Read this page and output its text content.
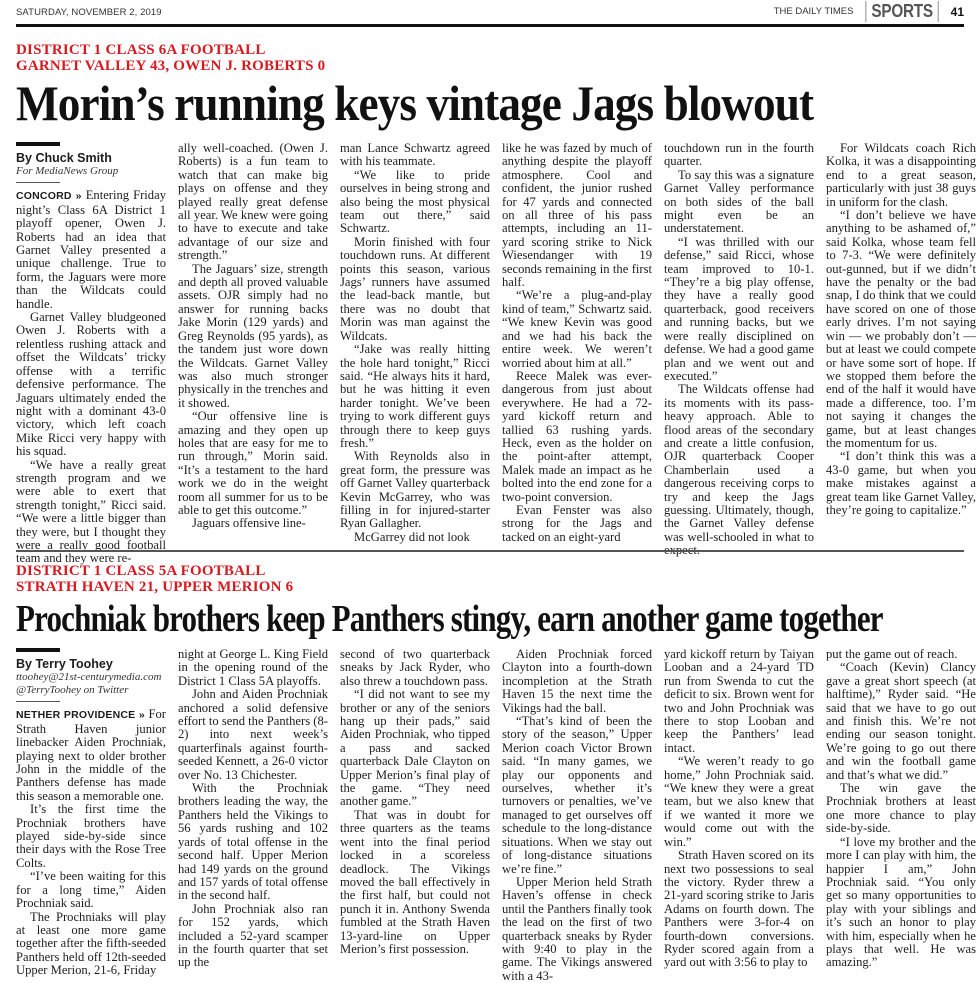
SATURDAY, NOVEMBER 2, 2019	THE DAILY TIMES	SPORTS	41
DISTRICT 1 CLASS 6A FOOTBALL
GARNET VALLEY 43, OWEN J. ROBERTS 0
Morin’s running keys vintage Jags blowout
By Chuck Smith
For MediaNews Group

CONCORD » Entering Friday night’s Class 6A District 1 playoff opener, Owen J. Roberts had an idea that Garnet Valley presented a unique challenge. True to form, the Jaguars were more than the Wildcats could handle.

Garnet Valley bludgeoned Owen J. Roberts with a relentless rushing attack and offset the Wildcats’ tricky offense with a terrific defensive performance. The Jaguars ultimately ended the night with a dominant 43-0 victory, which left coach Mike Ricci very happy with his squad.

“We have a really great strength program and we were able to exert that strength tonight,” Ricci said. “We were a little bigger than they were, but I thought they were a really good football team and they were re-

ally well-coached. (Owen J. Roberts) is a fun team to watch that can make big plays on offense and they played really great defense all year. We knew were going to have to execute and take advantage of our size and strength.”

The Jaguars’ size, strength and depth all proved valuable assets. OJR simply had no answer for running backs Jake Morin (129 yards) and Greg Reynolds (95 yards), as the tandem just wore down the Wildcats. Garnet Valley was also much stronger physically in the trenches and it showed.

“Our offensive line is amazing and they open up holes that are easy for me to run through,” Morin said. “It’s a testament to the hard work we do in the weight room all summer for us to be able to get this outcome.”

Jaguars offensive line-

man Lance Schwartz agreed with his teammate.

“We like to pride ourselves in being strong and also being the most physical team out there,” said Schwartz.

Morin finished with four touchdown runs. At different points this season, various Jags’ runners have assumed the lead-back mantle, but there was no doubt that Morin was man against the Wildcats.

“Jake was really hitting the hole hard tonight,” Ricci said. “He always hits it hard, but he was hitting it even harder tonight. We’ve been trying to work different guys through there to keep guys fresh.”

With Reynolds also in great form, the pressure was off Garnet Valley quarterback Kevin McGarrey, who was filling in for injured-starter Ryan Gallagher.

McGarrey did not look

like he was fazed by much of anything despite the playoff atmosphere. Cool and confident, the junior rushed for 47 yards and connected on all three of his pass attempts, including an 11-yard scoring strike to Nick Wiesendanger with 19 seconds remaining in the first half.

“We’re a plug-and-play kind of team,” Schwartz said. “We knew Kevin was good and we had his back the entire week. We weren’t worried about him at all.”

Reece Malek was ever-dangerous from just about everywhere. He had a 72-yard kickoff return and tallied 63 rushing yards. Heck, even as the holder on the point-after attempt, Malek made an impact as he bolted into the end zone for a two-point conversion.

Evan Fenster was also strong for the Jags and tacked on an eight-yard

touchdown run in the fourth quarter.

To say this was a signature Garnet Valley performance on both sides of the ball might even be an understatement.

“I was thrilled with our defense,” said Ricci, whose team improved to 10-1. “They’re a big play offense, they have a really good quarterback, good receivers and running backs, but we were really disciplined on defense. We had a good game plan and we went out and executed.”

The Wildcats offense had its moments with its pass-heavy approach. Able to flood areas of the secondary and create a little confusion, OJR quarterback Cooper Chamberlain used a dangerous receiving corps to try and keep the Jags guessing. Ultimately, though, the Garnet Valley defense was well-schooled in what to expect.

For Wildcats coach Rich Kolka, it was a disappointing end to a great season, particularly with just 38 guys in uniform for the clash.

“I don’t believe we have anything to be ashamed of,” said Kolka, whose team fell to 7-3. “We were definitely out-gunned, but if we didn’t have the penalty or the bad snap, I do think that we could have scored on one of those early drives. I’m not saying win — we probably don’t — but at least we could compete or have some sort of hope. If we stopped them before the end of the half it would have made a difference, too. I’m not saying it changes the game, but at least changes the momentum for us.

“I don’t think this was a 43-0 game, but when you make mistakes against a great team like Garnet Valley, they’re going to capitalize.”

DISTRICT 1 CLASS 5A FOOTBALL
STRATH HAVEN 21, UPPER MERION 6
Prochniak brothers keep Panthers stingy, earn another game together
By Terry Toohey
ttoohey@21st-centurymedia.com
@TerryToohey on Twitter

NETHER PROVIDENCE » For Strath Haven junior linebacker Aiden Prochniak, playing next to older brother John in the middle of the Panthers defense has made this season a memorable one.

It’s the first time the Prochniak brothers have played side-by-side since their days with the Rose Tree Colts.

“I’ve been waiting for this for a long time,” Aiden Prochniak said.

The Prochniaks will play at least one more game together after the fifth-seeded Panthers held off 12th-seeded Upper Merion, 21-6, Friday

night at George L. King Field in the opening round of the District 1 Class 5A playoffs.

John and Aiden Prochniak anchored a solid defensive effort to send the Panthers (8-2) into next week’s quarterfinals against fourth-seeded Kennett, a 26-0 victor over No. 13 Chichester.

With the Prochniak brothers leading the way, the Panthers held the Vikings to 56 yards rushing and 102 yards of total offense in the second half. Upper Merion had 149 yards on the ground and 157 yards of total offense in the second half.

John Prochniak also ran for 152 yards, which included a 52-yard scamper in the fourth quarter that set up the

second of two quarterback sneaks by Jack Ryder, who also threw a touchdown pass.

“I did not want to see my brother or any of the seniors hang up their pads,” said Aiden Prochniak, who tipped a pass and sacked quarterback Dale Clayton on Upper Merion’s final play of the game. “They need another game.”

That was in doubt for three quarters as the teams went into the final period locked in a scoreless deadlock. The Vikings moved the ball effectively in the first half, but could not punch it in. Anthony Swenda fumbled at the Strath Haven 13-yard-line on Upper Merion’s first possession.

Aiden Prochniak forced Clayton into a fourth-down incompletion at the Strath Haven 15 the next time the Vikings had the ball.

“That’s kind of been the story of the season,” Upper Merion coach Victor Brown said. “In many games, we play our opponents and ourselves, whether it’s turnovers or penalties, we’ve managed to get ourselves off schedule to the long-distance situations. When we stay out of long-distance situations we’re fine.”

Upper Merion held Strath Haven’s offense in check until the Panthers finally took the lead on the first of two quarterback sneaks by Ryder with 9:40 to play in the game. The Vikings answered with a 43-

yard kickoff return by Taiyan Looban and a 24-yard TD run from Swenda to cut the deficit to six. Brown went for two and John Prochniak was there to stop Looban and keep the Panthers’ lead intact.

“We weren’t ready to go home,” John Prochniak said. “We knew they were a great team, but we also knew that if we wanted it more we would come out with the win.”

Strath Haven scored on its next two possessions to seal the victory. Ryder threw a 21-yard scoring strike to Jaris Adams on fourth down. The Panthers were 3-for-4 on fourth-down conversions. Ryder scored again from a yard out with 3:56 to play to

put the game out of reach.

“Coach (Kevin) Clancy gave a great short speech (at halftime),” Ryder said. “He said that we have to go out and finish this. We’re not ending our season tonight. We’re going to go out there and win the football game and that’s what we did.”

The win gave the Prochniak brothers at least one more chance to play side-by-side.

“I love my brother and the more I can play with him, the happier I am,” John Prochniak said. “You only get so many opportunities to play with your siblings and it’s such an honor to play with him, especially when he plays that well. He was amazing.”
